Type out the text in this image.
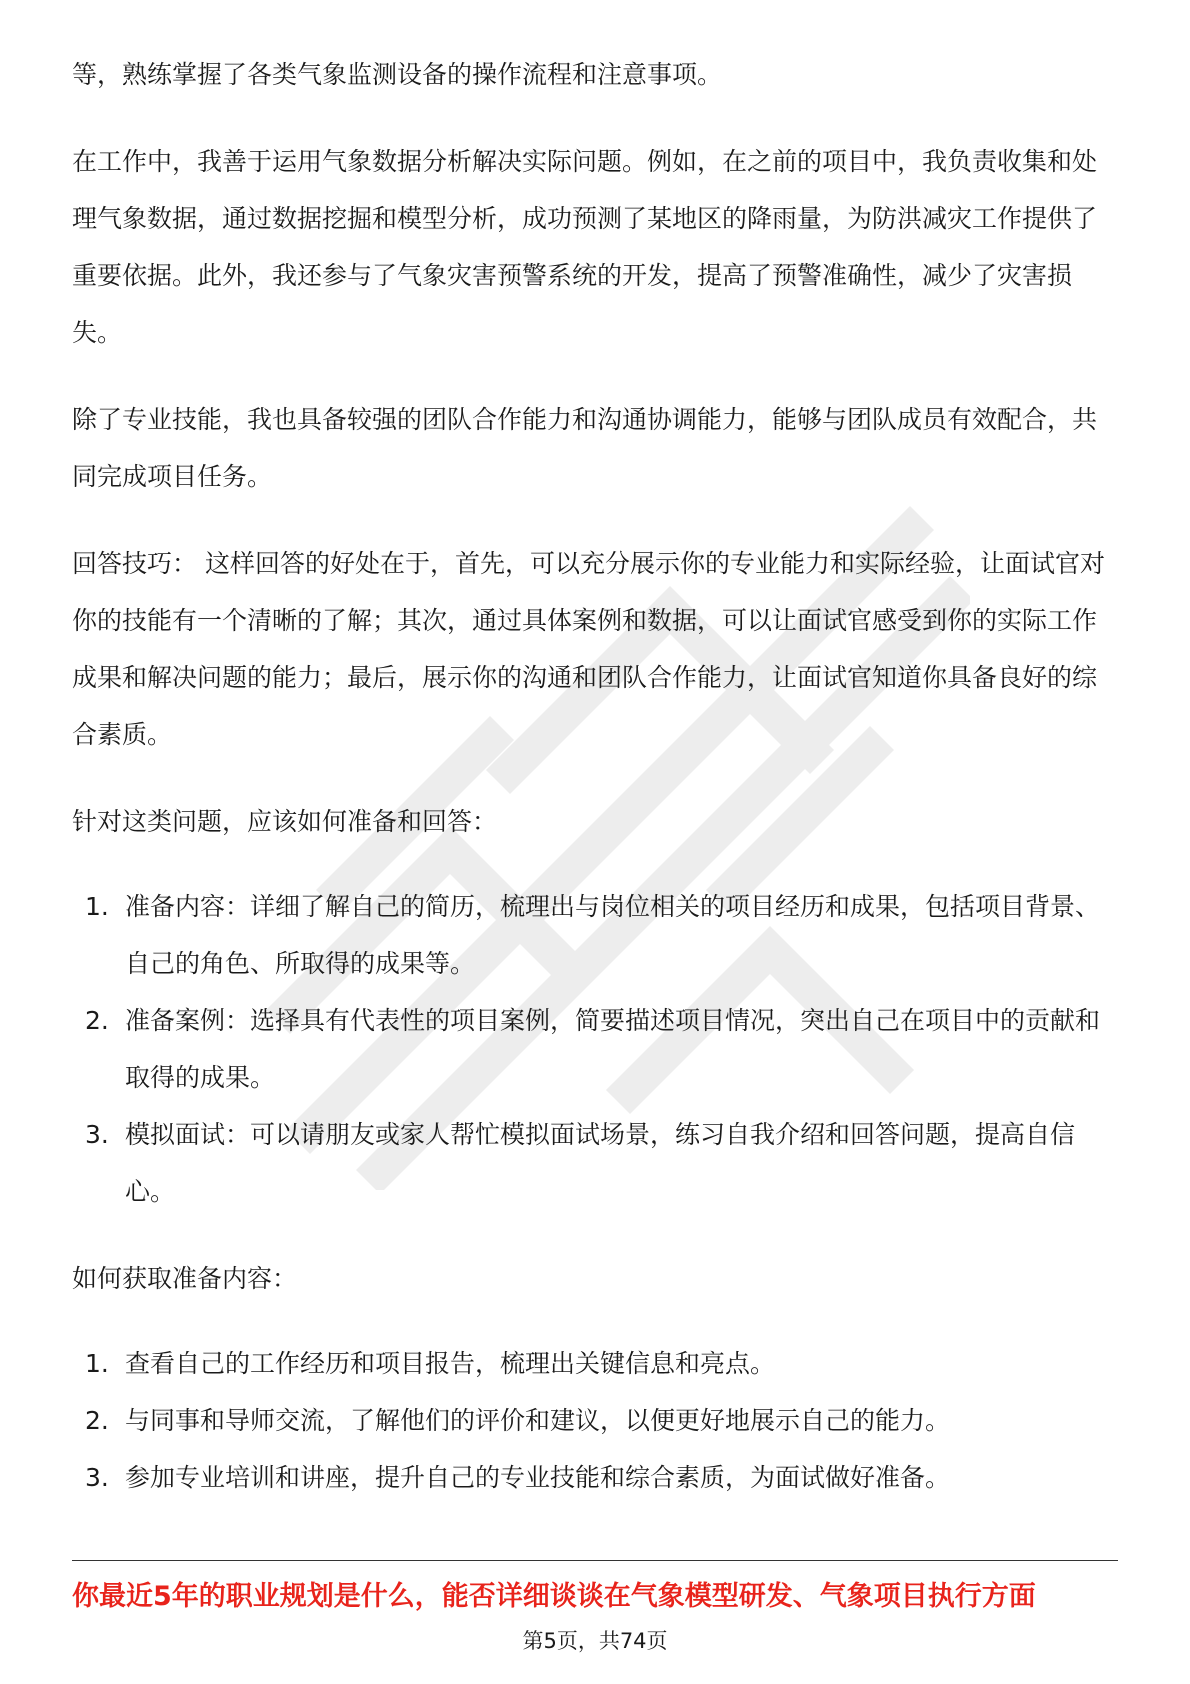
等，熟练掌握了各类气象监测设备的操作流程和注意事项。

在工作中，我善于运用气象数据分析解决实际问题。例如，在之前的项目中，我负责收集和处理气象数据，通过数据挖掘和模型分析，成功预测了某地区的降雨量，为防洪减灾工作提供了重要依据。此外，我还参与了气象灾害预警系统的开发，提高了预警准确性，减少了灾害损失。

除了专业技能，我也具备较强的团队合作能力和沟通协调能力，能够与团队成员有效配合，共同完成项目任务。

回答技巧： 这样回答的好处在于，首先，可以充分展示你的专业能力和实际经验，让面试官对你的技能有一个清晰的了解；其次，通过具体案例和数据，可以让面试官感受到你的实际工作成果和解决问题的能力；最后，展示你的沟通和团队合作能力，让面试官知道你具备良好的综合素质。

针对这类问题，应该如何准备和回答：

1. 准备内容：详细了解自己的简历，梳理出与岗位相关的项目经历和成果，包括项目背景、自己的角色、所取得的成果等。
2. 准备案例：选择具有代表性的项目案例，简要描述项目情况，突出自己在项目中的贡献和取得的成果。
3. 模拟面试：可以请朋友或家人帮忙模拟面试场景，练习自我介绍和回答问题，提高自信心。

如何获取准备内容：

1. 查看自己的工作经历和项目报告，梳理出关键信息和亮点。
2. 与同事和导师交流，了解他们的评价和建议，以便更好地展示自己的能力。
3. 参加专业培训和讲座，提升自己的专业技能和综合素质，为面试做好准备。
你最近5年的职业规划是什么，能否详细谈谈在气象模型研发、气象项目执行方面
第5页，共74页
